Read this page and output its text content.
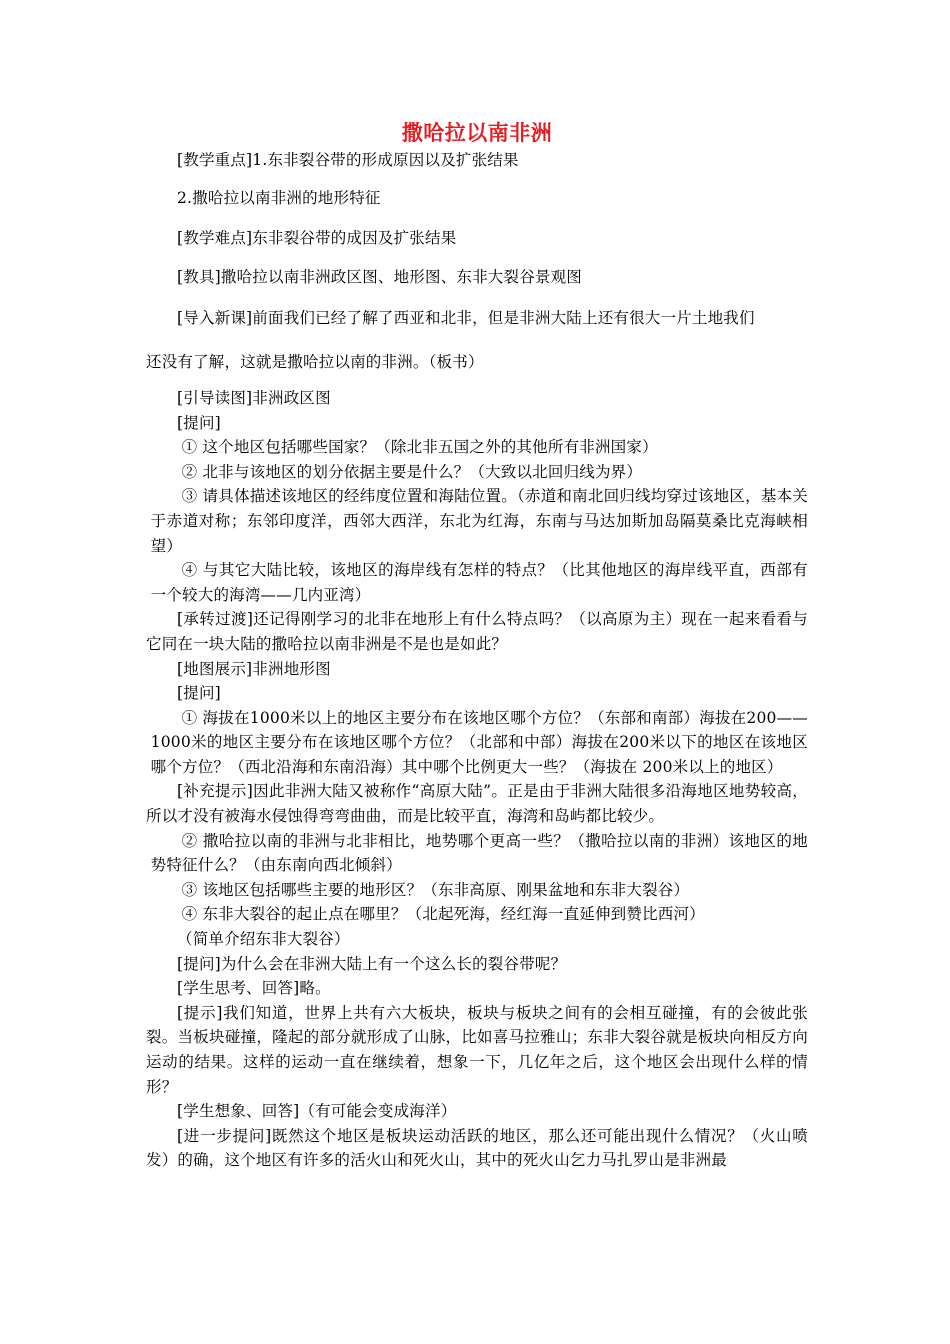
撒哈拉以南非洲

[教学重点]1.东非裂谷带的形成原因以及扩张结果

2.撒哈拉以南非洲的地形特征

[教学难点]东非裂谷带的成因及扩张结果

[教具]撒哈拉以南非洲政区图、地形图、东非大裂谷景观图

[导入新课]前面我们已经了解了西亚和北非，但是非洲大陆上还有很大一片土地我们

还没有了解，这就是撒哈拉以南的非洲。（板书）

[引导读图]非洲政区图

[提问]

① 这个地区包括哪些国家？（除北非五国之外的其他所有非洲国家）

② 北非与该地区的划分依据主要是什么？（大致以北回归线为界）

③ 请具体描述该地区的经纬度位置和海陆位置。（赤道和南北回归线均穿过该地区，基本关于赤道对称；东邻印度洋，西邻大西洋，东北为红海，东南与马达加斯加岛隔莫桑比克海峡相望）

④ 与其它大陆比较，该地区的海岸线有怎样的特点？（比其他地区的海岸线平直，西部有一个较大的海湾——几内亚湾）

[承转过渡]还记得刚学习的北非在地形上有什么特点吗？（以高原为主）现在一起来看看与它同在一块大陆的撒哈拉以南非洲是不是也是如此？

[地图展示]非洲地形图

[提问]

① 海拔在1000米以上的地区主要分布在该地区哪个方位？（东部和南部）海拔在200——1000米的地区主要分布在该地区哪个方位？（北部和中部）海拔在200米以下的地区在该地区哪个方位？（西北沿海和东南沿海）其中哪个比例更大一些？（海拔在 200米以上的地区）

[补充提示]因此非洲大陆又被称作“高原大陆”。正是由于非洲大陆很多沿海地区地势较高，所以才没有被海水侵蚀得弯弯曲曲，而是比较平直，海湾和岛屿都比较少。

② 撒哈拉以南的非洲与北非相比，地势哪个更高一些？（撒哈拉以南的非洲）该地区的地势特征什么？（由东南向西北倾斜）

③ 该地区包括哪些主要的地形区？（东非高原、刚果盆地和东非大裂谷）

④ 东非大裂谷的起止点在哪里？（北起死海，经红海一直延伸到赞比西河）

（简单介绍东非大裂谷）

[提问]为什么会在非洲大陆上有一个这么长的裂谷带呢？

[学生思考、回答]略。

[提示]我们知道，世界上共有六大板块，板块与板块之间有的会相互碰撞，有的会彼此张裂。当板块碰撞，隆起的部分就形成了山脉，比如喜马拉雅山；东非大裂谷就是板块向相反方向运动的结果。这样的运动一直在继续着，想象一下，几亿年之后，这个地区会出现什么样的情形？

[学生想象、回答]（有可能会变成海洋）

[进一步提问]既然这个地区是板块运动活跃的地区，那么还可能出现什么情况？（火山喷发）的确，这个地区有许多的活火山和死火山，其中的死火山乞力马扎罗山是非洲最
